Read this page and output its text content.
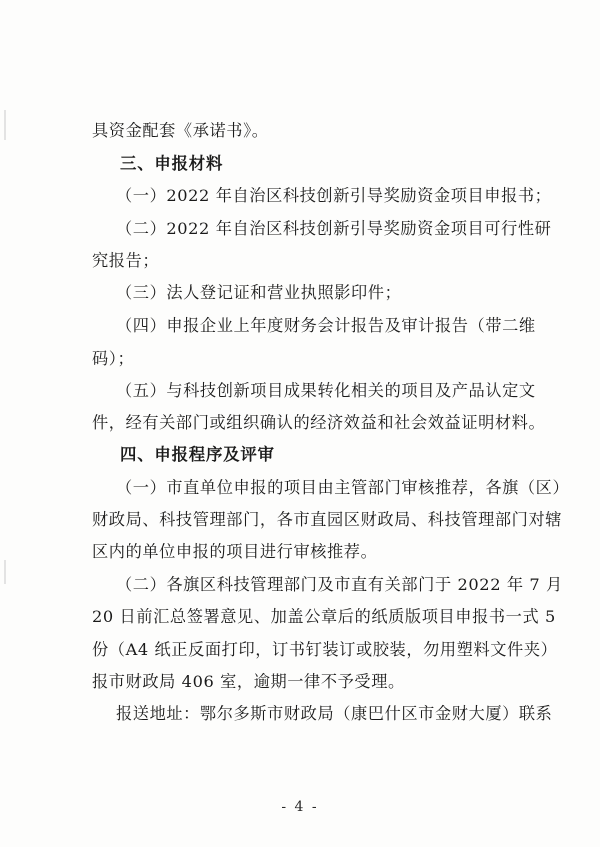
具资金配套《承诺书》。
三、申报材料
（一）2022 年自治区科技创新引导奖励资金项目申报书；
（二）2022 年自治区科技创新引导奖励资金项目可行性研
究报告；
（三）法人登记证和营业执照影印件；
（四）申报企业上年度财务会计报告及审计报告（带二维
码）；
（五）与科技创新项目成果转化相关的项目及产品认定文
件，经有关部门或组织确认的经济效益和社会效益证明材料。
四、申报程序及评审
（一）市直单位申报的项目由主管部门审核推荐，各旗（区）
财政局、科技管理部门，各市直园区财政局、科技管理部门对辖
区内的单位申报的项目进行审核推荐。
（二）各旗区科技管理部门及市直有关部门于 2022 年 7 月
20 日前汇总签署意见、加盖公章后的纸质版项目申报书一式 5
份（A4 纸正反面打印，订书钉装订或胶装，勿用塑料文件夹）
报市财政局 406 室，逾期一律不予受理。
报送地址：鄂尔多斯市财政局（康巴什区市金财大厦）联系
- 4 -
